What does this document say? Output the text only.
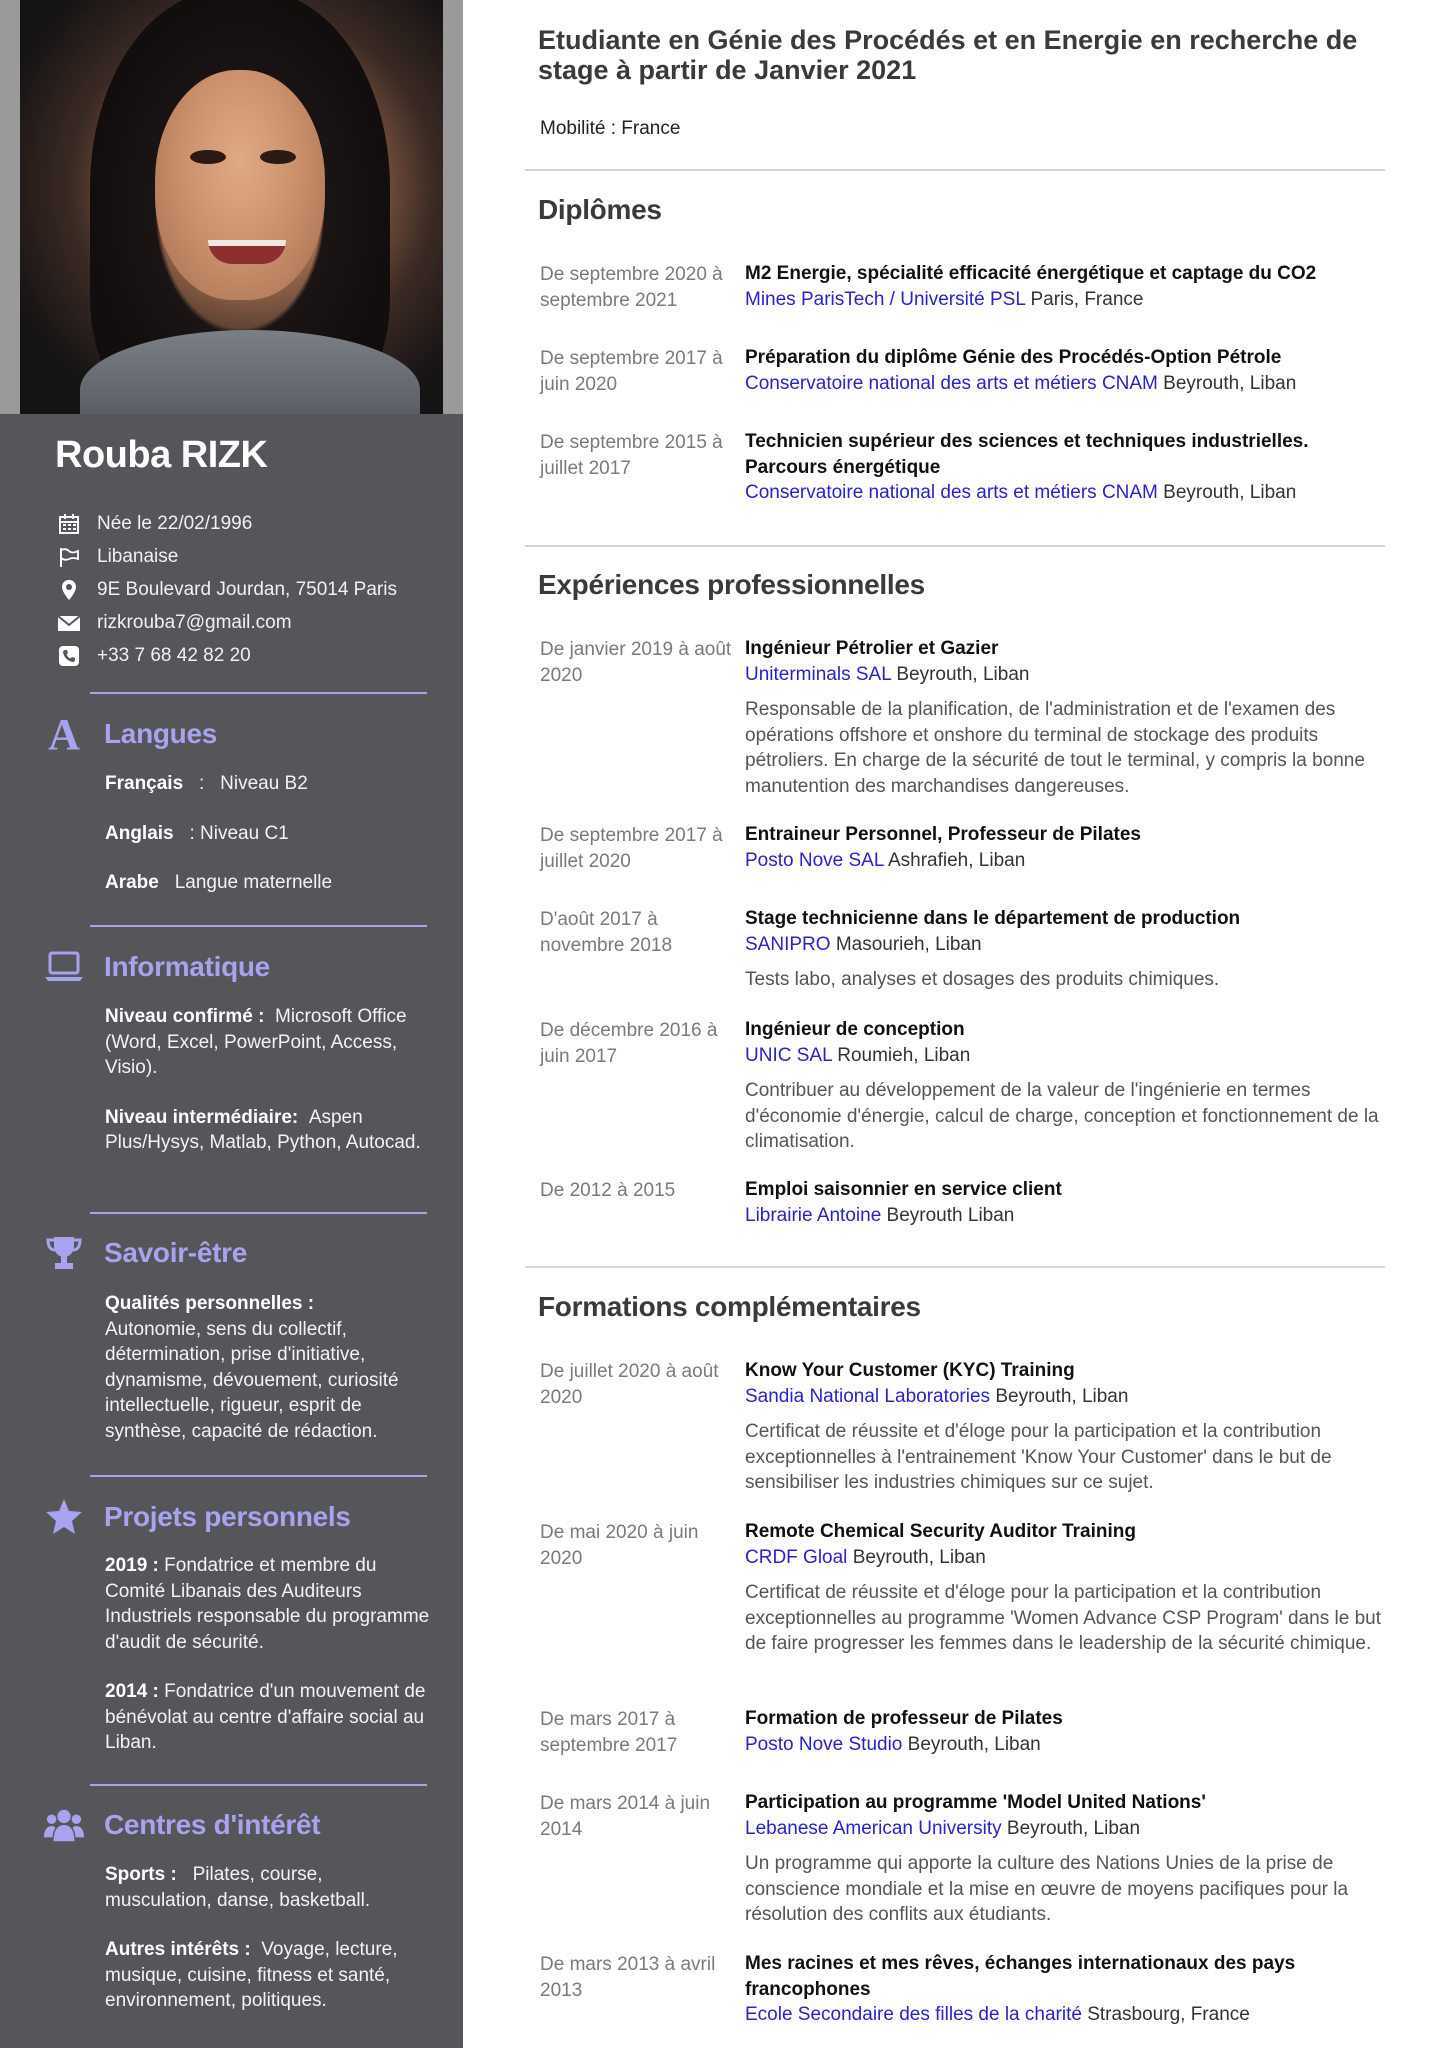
Rouba RIZK
Née le 22/02/1996
Libanaise
9E Boulevard Jourdan, 75014 Paris
rizkrouba7@gmail.com
+33 7 68 42 82 20
A Langues

Français : Niveau B2

Anglais : Niveau C1

Arabe Langue maternelle

Informatique

Niveau confirmé : Microsoft Office (Word, Excel, PowerPoint, Access, Visio).

Niveau intermédiaire: Aspen Plus/Hysys, Matlab, Python, Autocad.

Savoir-être

Qualités personnelles :
Autonomie, sens du collectif, détermination, prise d'initiative, dynamisme, dévouement, curiosité intellectuelle, rigueur, esprit de synthèse, capacité de rédaction.

Projets personnels

2019 : Fondatrice et membre du Comité Libanais des Auditeurs Industriels responsable du programme d'audit de sécurité.

2014 : Fondatrice d'un mouvement de bénévolat au centre d'affaire social au Liban.

Centres d'intérêt

Sports : Pilates, course, musculation, danse, basketball.

Autres intérêts : Voyage, lecture, musique, cuisine, fitness et santé, environnement, politiques.

Etudiante en Génie des Procédés et en Energie en recherche de stage à partir de Janvier 2021
Mobilité : France
Diplômes
De septembre 2020 à septembre 2021
M2 Energie, spécialité efficacité énergétique et captage du CO2
Mines ParisTech / Université PSL Paris, France
De septembre 2017 à juin 2020
Préparation du diplôme Génie des Procédés-Option Pétrole
Conservatoire national des arts et métiers CNAM Beyrouth, Liban
De septembre 2015 à juillet 2017
Technicien supérieur des sciences et techniques industrielles. Parcours énergétique
Conservatoire national des arts et métiers CNAM Beyrouth, Liban
Expériences professionnelles
De janvier 2019 à août 2020
Ingénieur Pétrolier et Gazier
Uniterminals SAL Beyrouth, Liban
Responsable de la planification, de l'administration et de l'examen des opérations offshore et onshore du terminal de stockage des produits pétroliers. En charge de la sécurité de tout le terminal, y compris la bonne manutention des marchandises dangereuses.
De septembre 2017 à juillet 2020
Entraineur Personnel, Professeur de Pilates
Posto Nove SAL Ashrafieh, Liban
D'août 2017 à novembre 2018
Stage technicienne dans le département de production
SANIPRO Masourieh, Liban
Tests labo, analyses et dosages des produits chimiques.
De décembre 2016 à juin 2017
Ingénieur de conception
UNIC SAL Roumieh, Liban
Contribuer au développement de la valeur de l'ingénierie en termes d'économie d'énergie, calcul de charge, conception et fonctionnement de la climatisation.
De 2012 à 2015	Emploi saisonnier en service client
Librairie Antoine Beyrouth Liban
Formations complémentaires
De juillet 2020 à août 2020
Know Your Customer (KYC) Training
Sandia National Laboratories Beyrouth, Liban
Certificat de réussite et d'éloge pour la participation et la contribution exceptionnelles à l'entrainement 'Know Your Customer' dans le but de sensibiliser les industries chimiques sur ce sujet.
De mai 2020 à juin 2020
Remote Chemical Security Auditor Training
CRDF Gloal Beyrouth, Liban
Certificat de réussite et d'éloge pour la participation et la contribution exceptionnelles au programme 'Women Advance CSP Program' dans le but de faire progresser les femmes dans le leadership de la sécurité chimique.
De mars 2017 à septembre 2017
Formation de professeur de Pilates
Posto Nove Studio Beyrouth, Liban
De mars 2014 à juin 2014
Participation au programme 'Model United Nations'
Lebanese American University Beyrouth, Liban
Un programme qui apporte la culture des Nations Unies de la prise de conscience mondiale et la mise en œuvre de moyens pacifiques pour la résolution des conflits aux étudiants.
De mars 2013 à avril 2013
Mes racines et mes rêves, échanges internationaux des pays francophones
Ecole Secondaire des filles de la charité Strasbourg, France
